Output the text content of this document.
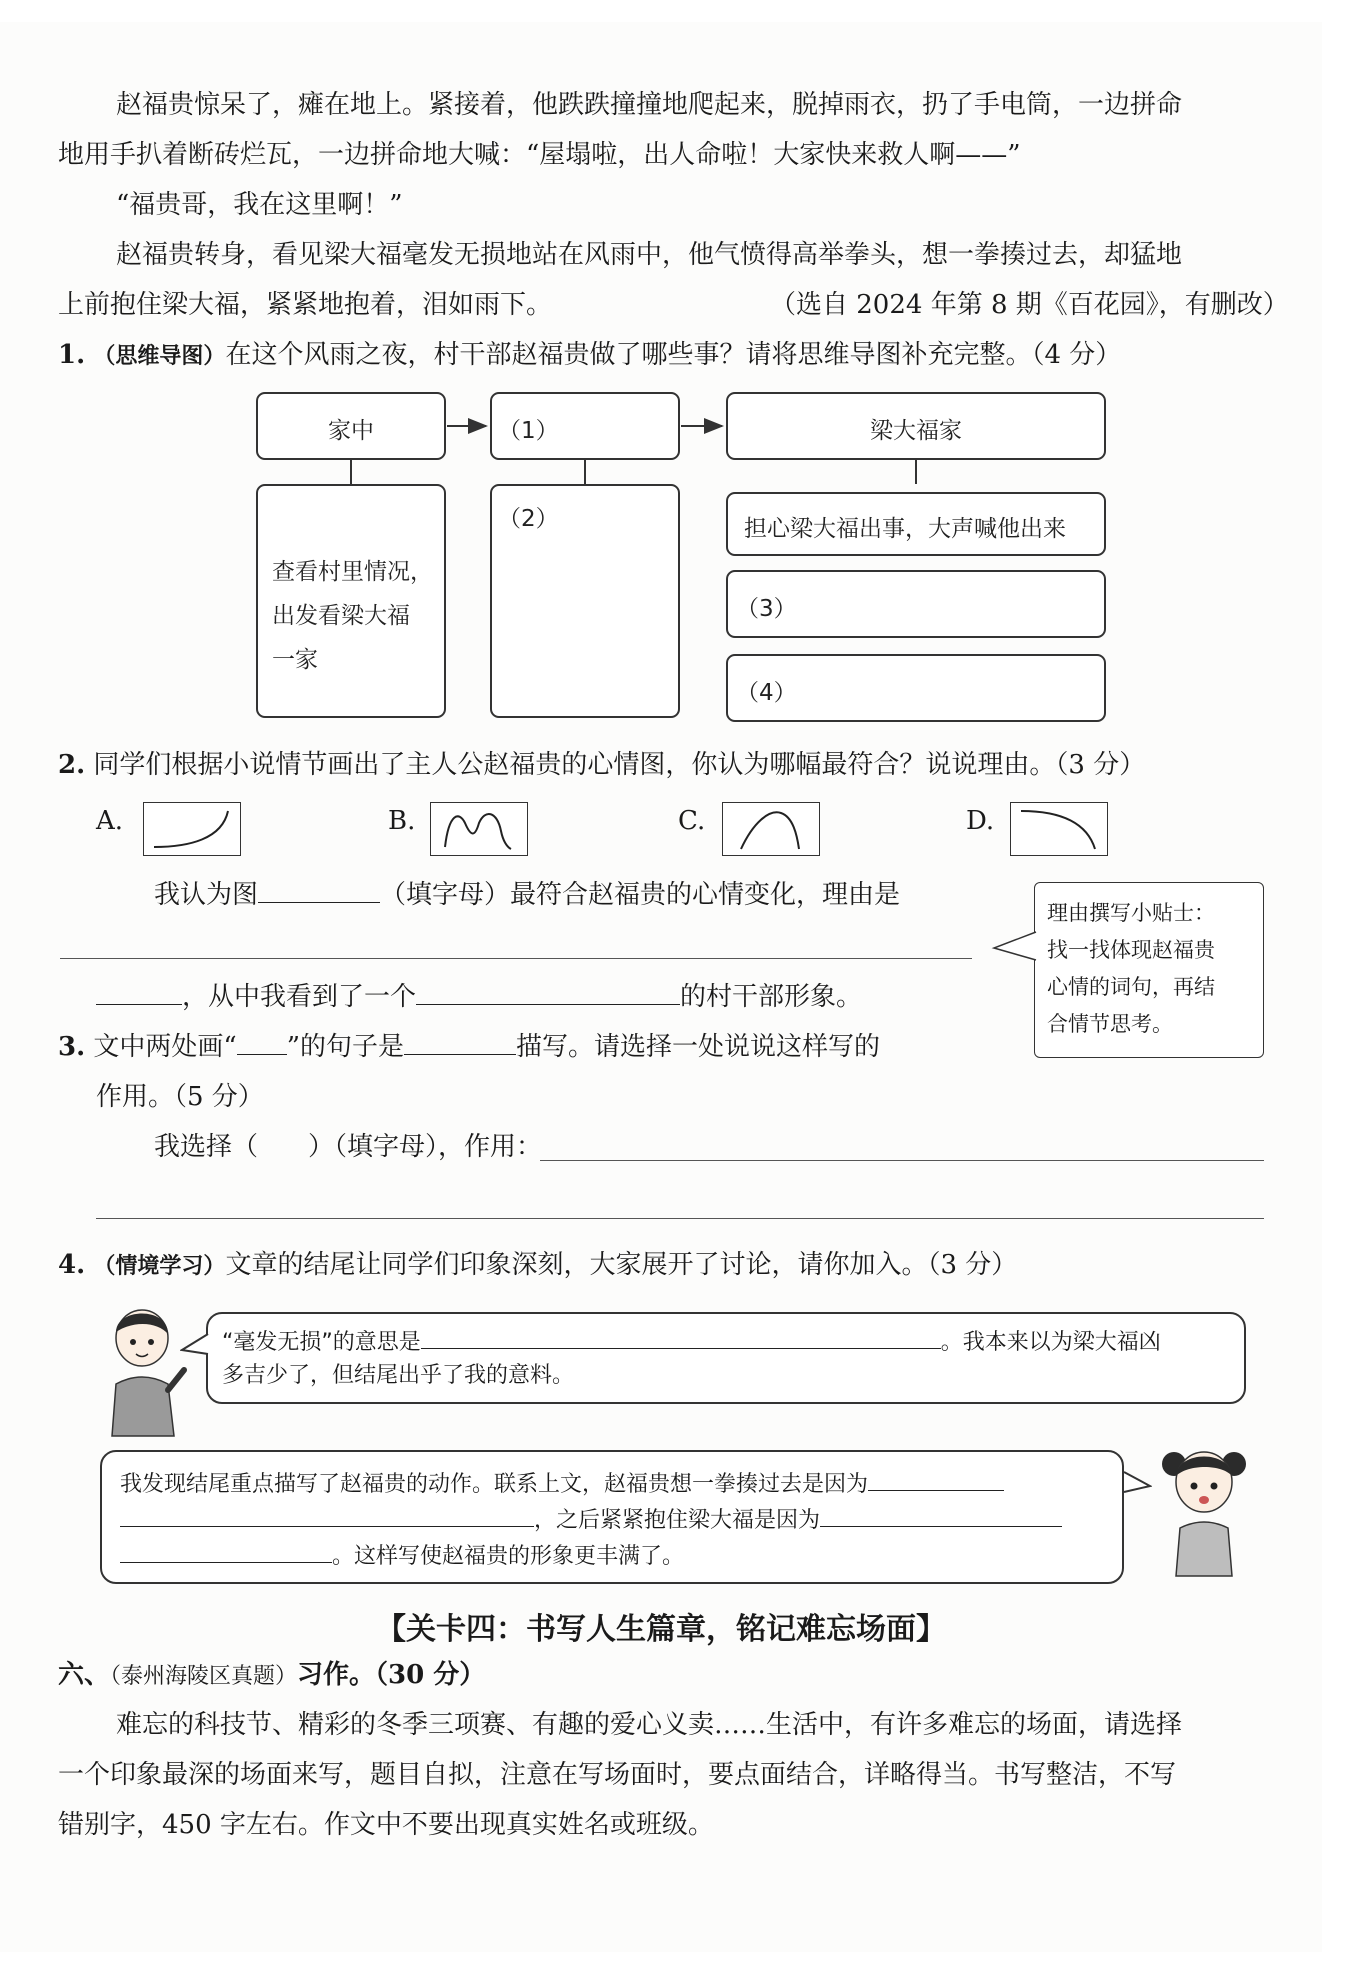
赵福贵惊呆了，瘫在地上。紧接着，他跌跌撞撞地爬起来，脱掉雨衣，扔了手电筒，一边拼命
地用手扒着断砖烂瓦，一边拼命地大喊：“屋塌啦，出人命啦！大家快来救人啊——”
“福贵哥，我在这里啊！”
赵福贵转身，看见梁大福毫发无损地站在风雨中，他气愤得高举拳头，想一拳揍过去，却猛地
上前抱住梁大福，紧紧地抱着，泪如雨下。	（选自 2024 年第 8 期《百花园》，有删改）
1. （思维导图）在这个风雨之夜，村干部赵福贵做了哪些事？请将思维导图补充完整。（4 分）
家中	（1）	梁大福家
查看村里情况，
出发看梁大福
一家
（2）	担心梁大福出事，大声喊他出来
（3）
（4）
2. 同学们根据小说情节画出了主人公赵福贵的心情图，你认为哪幅最符合？说说理由。（3 分）
A.	B.	C.	D.
我认为图	（填字母）最符合赵福贵的心情变化，理由是
，从中我看到了一个	的村干部形象。
理由撰写小贴士：
找一找体现赵福贵
心情的词句，再结
合情节思考。
3. 文中两处画“ ”的句子是	描写。请选择一处说说这样写的
作用。（5 分）
我选择（ ）（填字母），作用：
4. （情境学习）文章的结尾让同学们印象深刻，大家展开了讨论，请你加入。（3 分）
“毫发无损”的意思是	。我本来以为梁大福凶
多吉少了，但结尾出乎了我的意料。
我发现结尾重点描写了赵福贵的动作。联系上文，赵福贵想一拳揍过去是因为
，之后紧紧抱住梁大福是因为
。这样写使赵福贵的形象更丰满了。
【关卡四：书写人生篇章，铭记难忘场面】
六、（泰州海陵区真题）习作。（30 分）
难忘的科技节、精彩的冬季三项赛、有趣的爱心义卖……生活中，有许多难忘的场面，请选择
一个印象最深的场面来写，题目自拟，注意在写场面时，要点面结合，详略得当。书写整洁，不写
错别字，450 字左右。作文中不要出现真实姓名或班级。
